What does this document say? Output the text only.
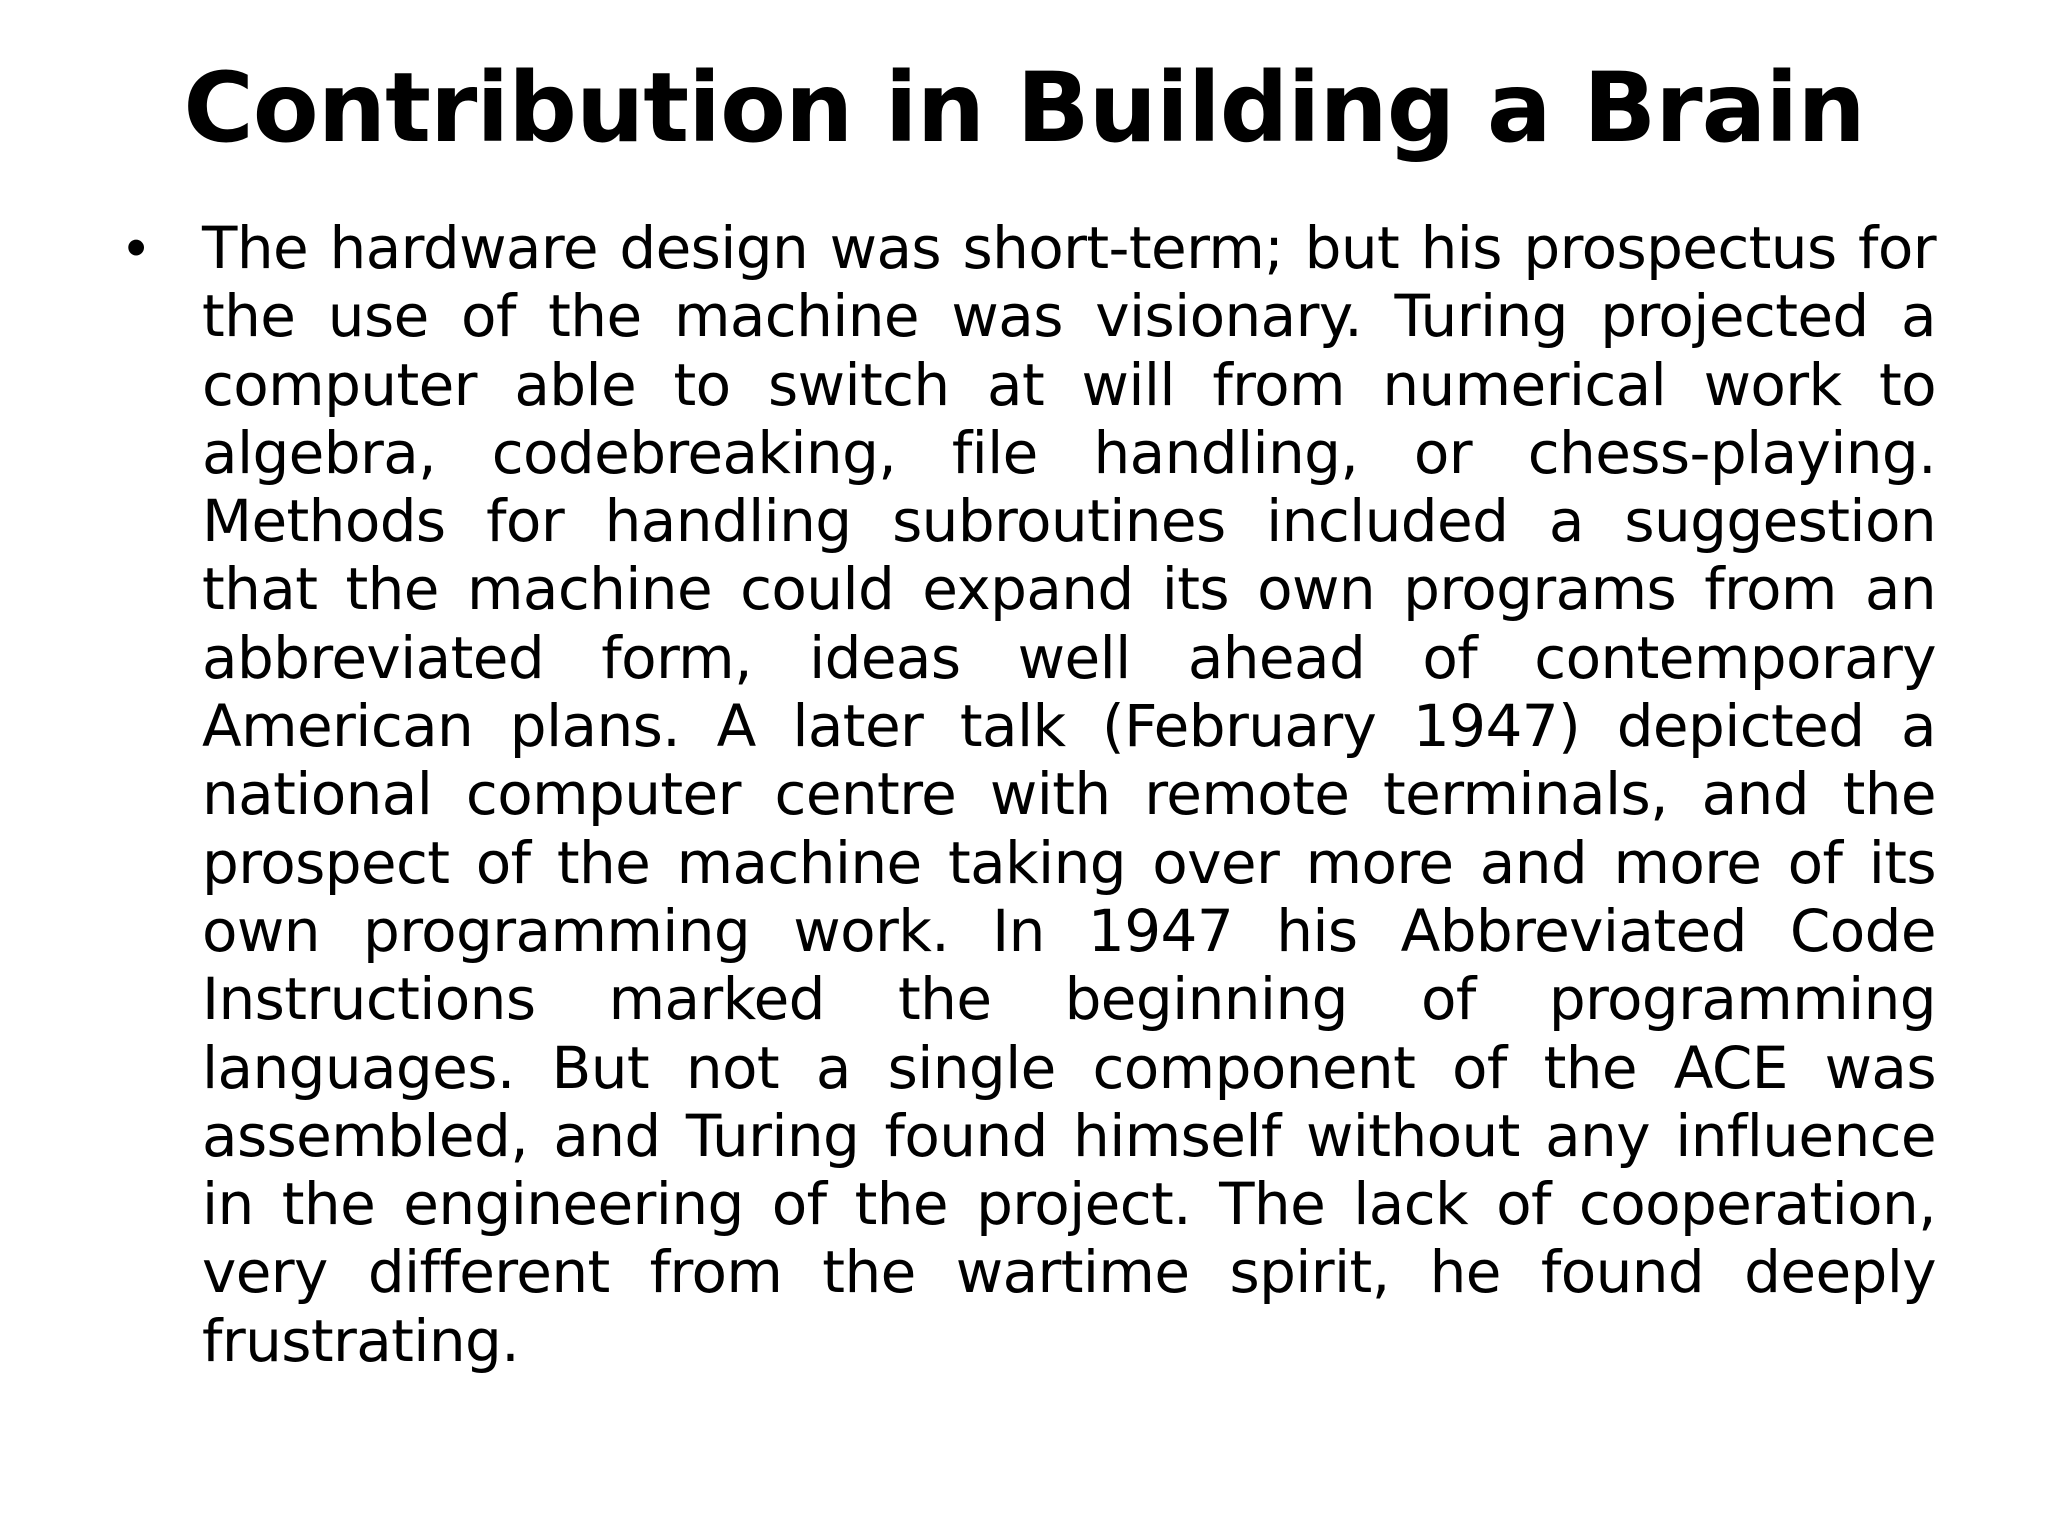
Contribution in Building a Brain
• The hardware design was short-term; but his prospectus for the use of the machine was visionary. Turing projected a computer able to switch at will from numerical work to algebra, codebreaking, file handling, or chess-playing. Methods for handling subroutines included a suggestion that the machine could expand its own programs from an abbreviated form, ideas well ahead of contemporary American plans. A later talk (February 1947) depicted a national computer centre with remote terminals, and the prospect of the machine taking over more and more of its own programming work. In 1947 his Abbreviated Code Instructions marked the beginning of programming languages. But not a single component of the ACE was assembled, and Turing found himself without any influence in the engineering of the project. The lack of cooperation, very different from the wartime spirit, he found deeply frustrating.
